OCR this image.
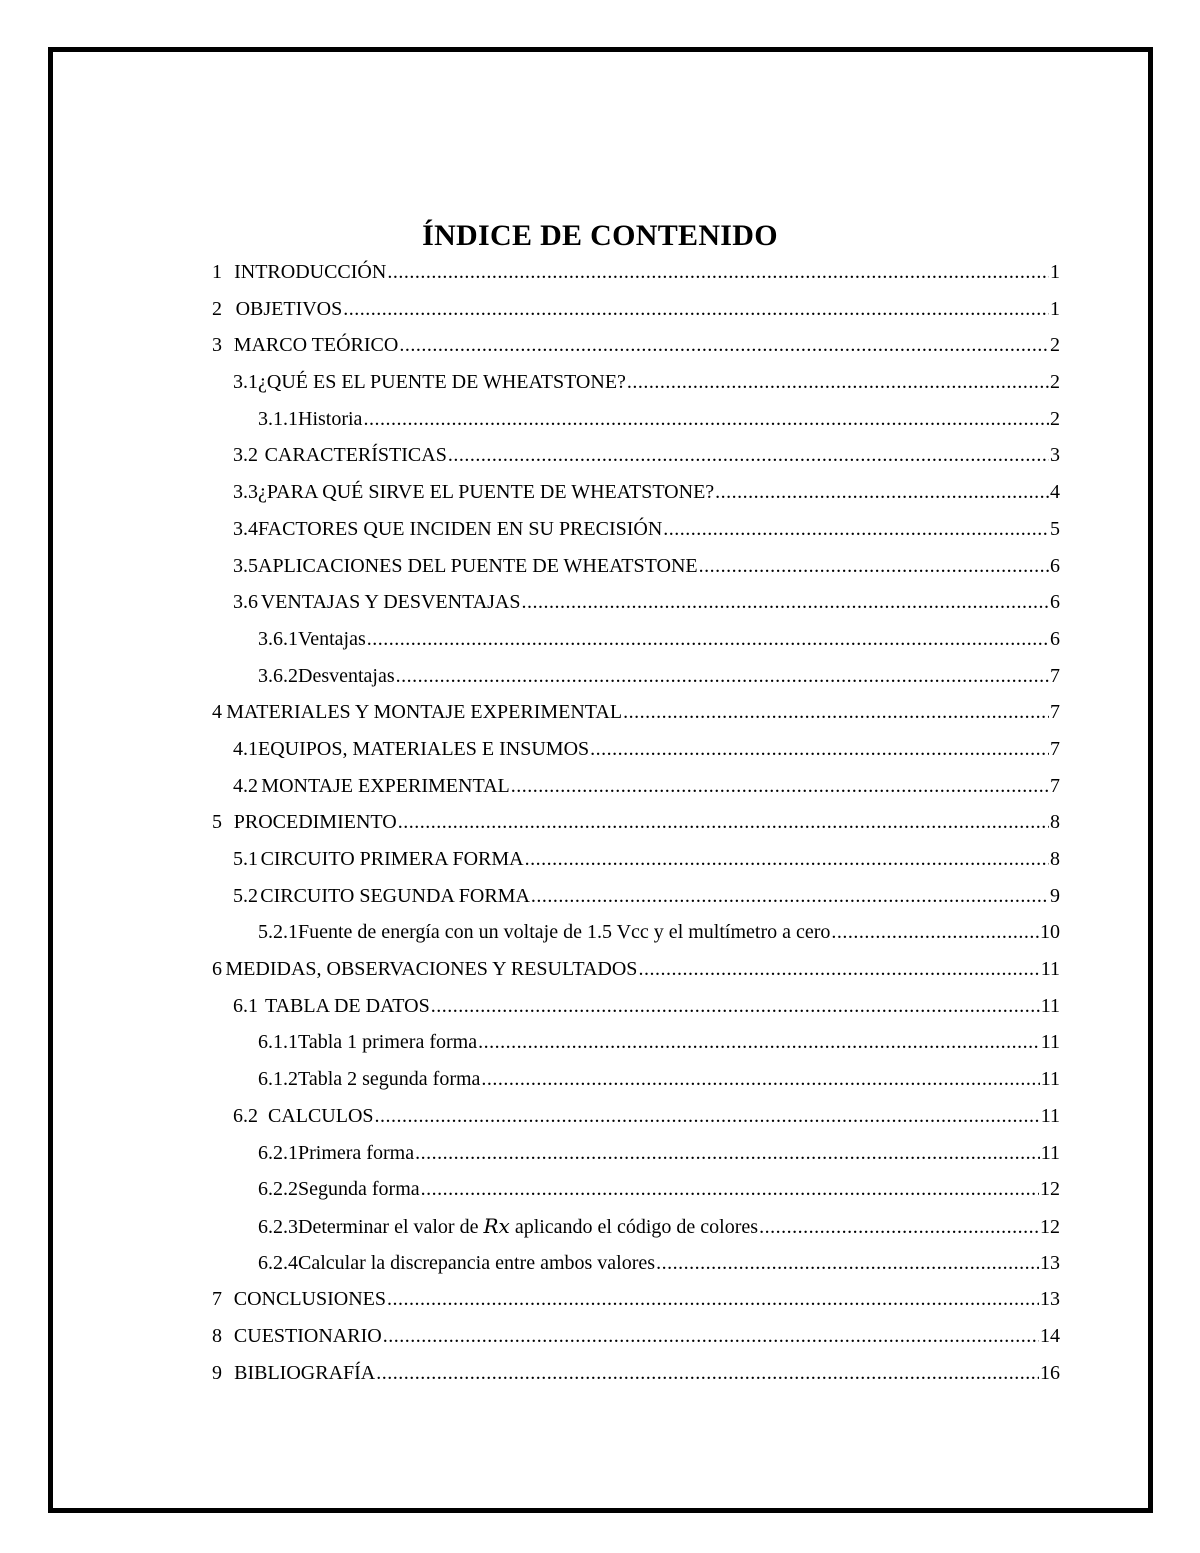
ÍNDICE DE CONTENIDO
1 INTRODUCCIÓN .....	1
2 OBJETIVOS .....	1
3 MARCO TEÓRICO .....	2
3.1 ¿QUÉ ES EL PUENTE DE WHEATSTONE? .....	2
3.1.1 Historia .....	2
3.2 CARACTERÍSTICAS .....	3
3.3 ¿PARA QUÉ SIRVE EL PUENTE DE WHEATSTONE? .....	4
3.4 FACTORES QUE INCIDEN EN SU PRECISIÓN .....	5
3.5 APLICACIONES DEL PUENTE DE WHEATSTONE .....	6
3.6 VENTAJAS Y DESVENTAJAS .....	6
3.6.1 Ventajas .....	6
3.6.2 Desventajas .....	7
4 MATERIALES Y MONTAJE EXPERIMENTAL .....	7
4.1 EQUIPOS, MATERIALES E INSUMOS .....	7
4.2 MONTAJE EXPERIMENTAL .....	7
5 PROCEDIMIENTO .....	8
5.1 CIRCUITO PRIMERA FORMA .....	8
5.2 CIRCUITO SEGUNDA FORMA .....	9
5.2.1 Fuente de energía con un voltaje de 1.5 Vcc y el multímetro a cero .....	10
6 MEDIDAS, OBSERVACIONES Y RESULTADOS .....	11
6.1 TABLA DE DATOS .....	11
6.1.1 Tabla 1 primera forma .....	11
6.1.2 Tabla 2 segunda forma .....	11
6.2 CALCULOS .....	11
6.2.1 Primera forma .....	11
6.2.2 Segunda forma .....	12
6.2.3 Determinar el valor de Rx aplicando el código de colores .....	12
6.2.4 Calcular la discrepancia entre ambos valores .....	13
7 CONCLUSIONES .....	13
8 CUESTIONARIO .....	14
9 BIBLIOGRAFÍA .....	16
